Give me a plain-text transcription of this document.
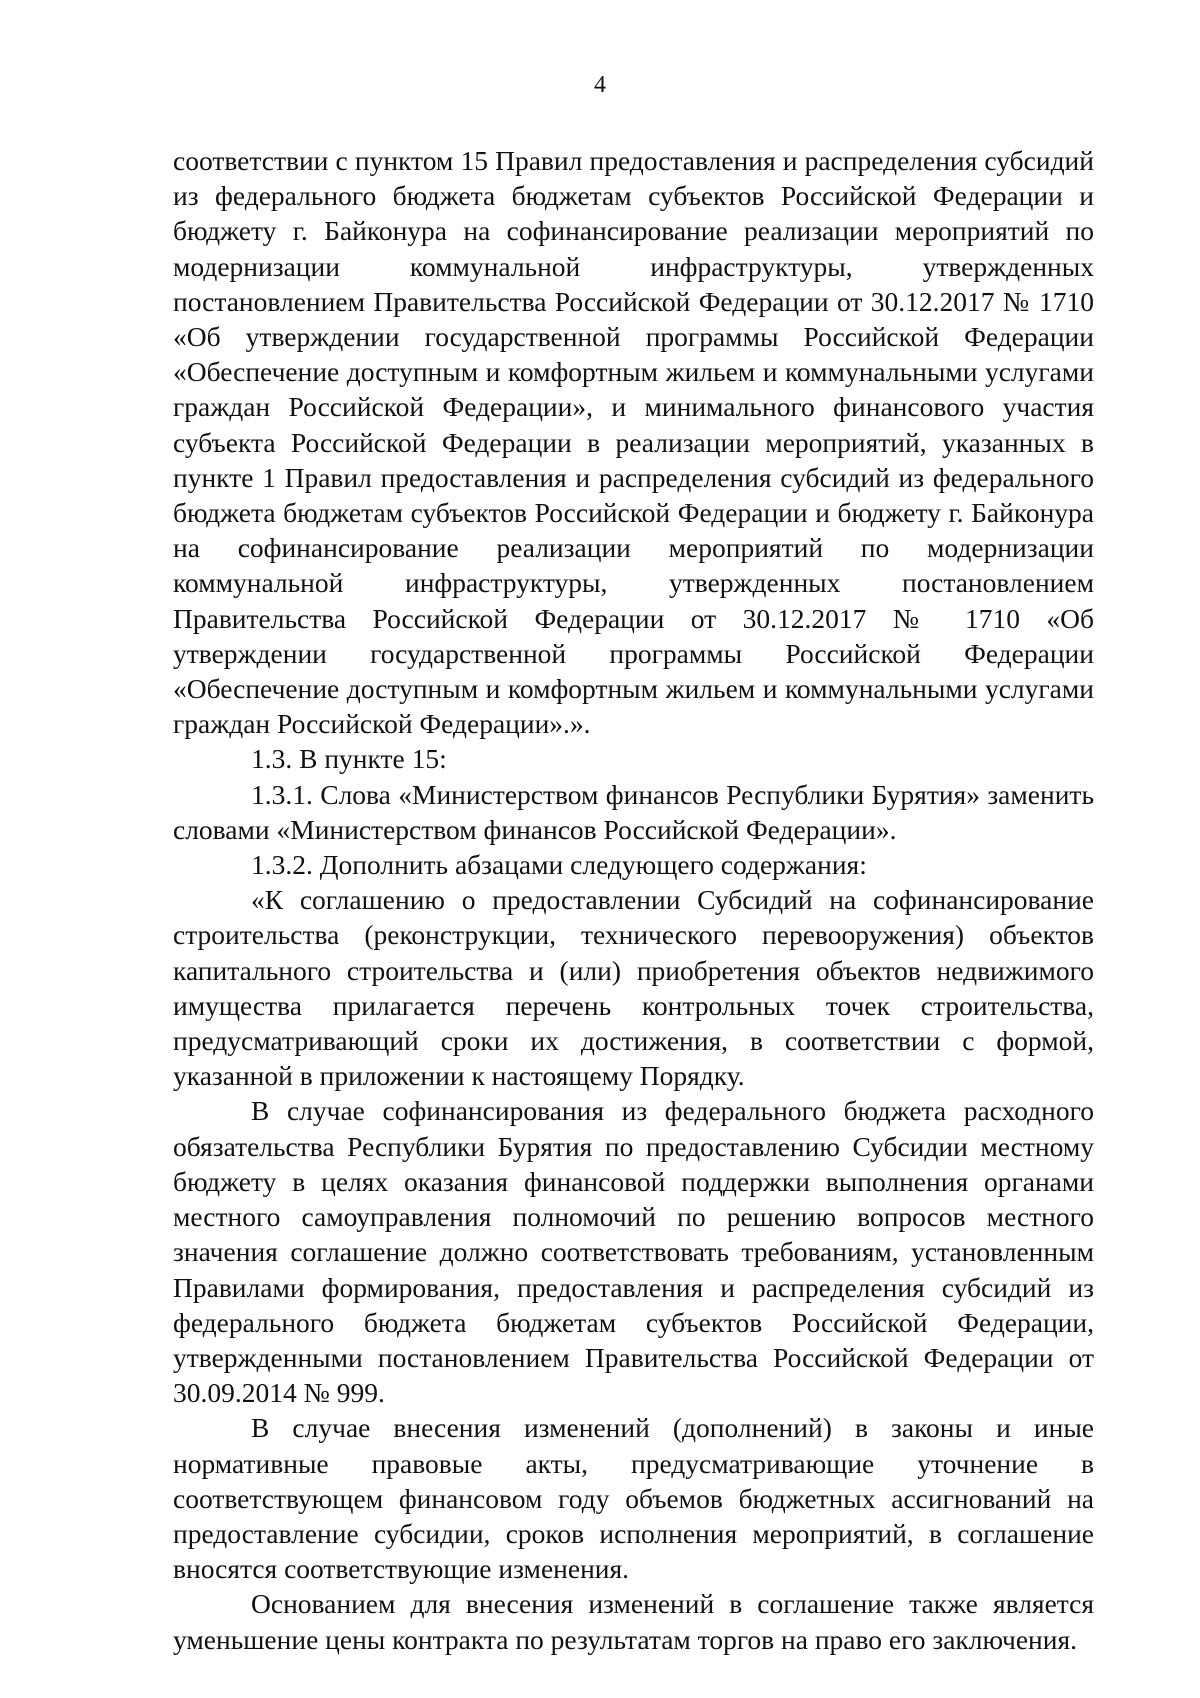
4

соответствии с пунктом 15 Правил предоставления и распределения субсидий из федерального бюджета бюджетам субъектов Российской Федерации и бюджету г. Байконура на софинансирование реализации мероприятий по модернизации коммунальной инфраструктуры, утвержденных постановлением Правительства Российской Федерации от 30.12.2017 № 1710 «Об утверждении государственной программы Российской Федерации «Обеспечение доступным и комфортным жильем и коммунальными услугами граждан Российской Федерации», и минимального финансового участия субъекта Российской Федерации в реализации мероприятий, указанных в пункте 1 Правил предоставления и распределения субсидий из федерального бюджета бюджетам субъектов Российской Федерации и бюджету г. Байконура на софинансирование реализации мероприятий по модернизации коммунальной инфраструктуры, утвержденных постановлением Правительства Российской Федерации от 30.12.2017 № 1710 «Об утверждении государственной программы Российской Федерации «Обеспечение доступным и комфортным жильем и коммунальными услугами граждан Российской Федерации».».

1.3. В пункте 15:

1.3.1. Слова «Министерством финансов Республики Бурятия» заменить словами «Министерством финансов Российской Федерации».

1.3.2. Дополнить абзацами следующего содержания:

«К соглашению о предоставлении Субсидий на софинансирование строительства (реконструкции, технического перевооружения) объектов капитального строительства и (или) приобретения объектов недвижимого имущества прилагается перечень контрольных точек строительства, предусматривающий сроки их достижения, в соответствии с формой, указанной в приложении к настоящему Порядку.

В случае софинансирования из федерального бюджета расходного обязательства Республики Бурятия по предоставлению Субсидии местному бюджету в целях оказания финансовой поддержки выполнения органами местного самоуправления полномочий по решению вопросов местного значения соглашение должно соответствовать требованиям, установленным Правилами формирования, предоставления и распределения субсидий из федерального бюджета бюджетам субъектов Российской Федерации, утвержденными постановлением Правительства Российской Федерации от 30.09.2014 № 999.

В случае внесения изменений (дополнений) в законы и иные нормативные правовые акты, предусматривающие уточнение в соответствующем финансовом году объемов бюджетных ассигнований на предоставление субсидии, сроков исполнения мероприятий, в соглашение вносятся соответствующие изменения.

Основанием для внесения изменений в соглашение также является уменьшение цены контракта по результатам торгов на право его заключения.
